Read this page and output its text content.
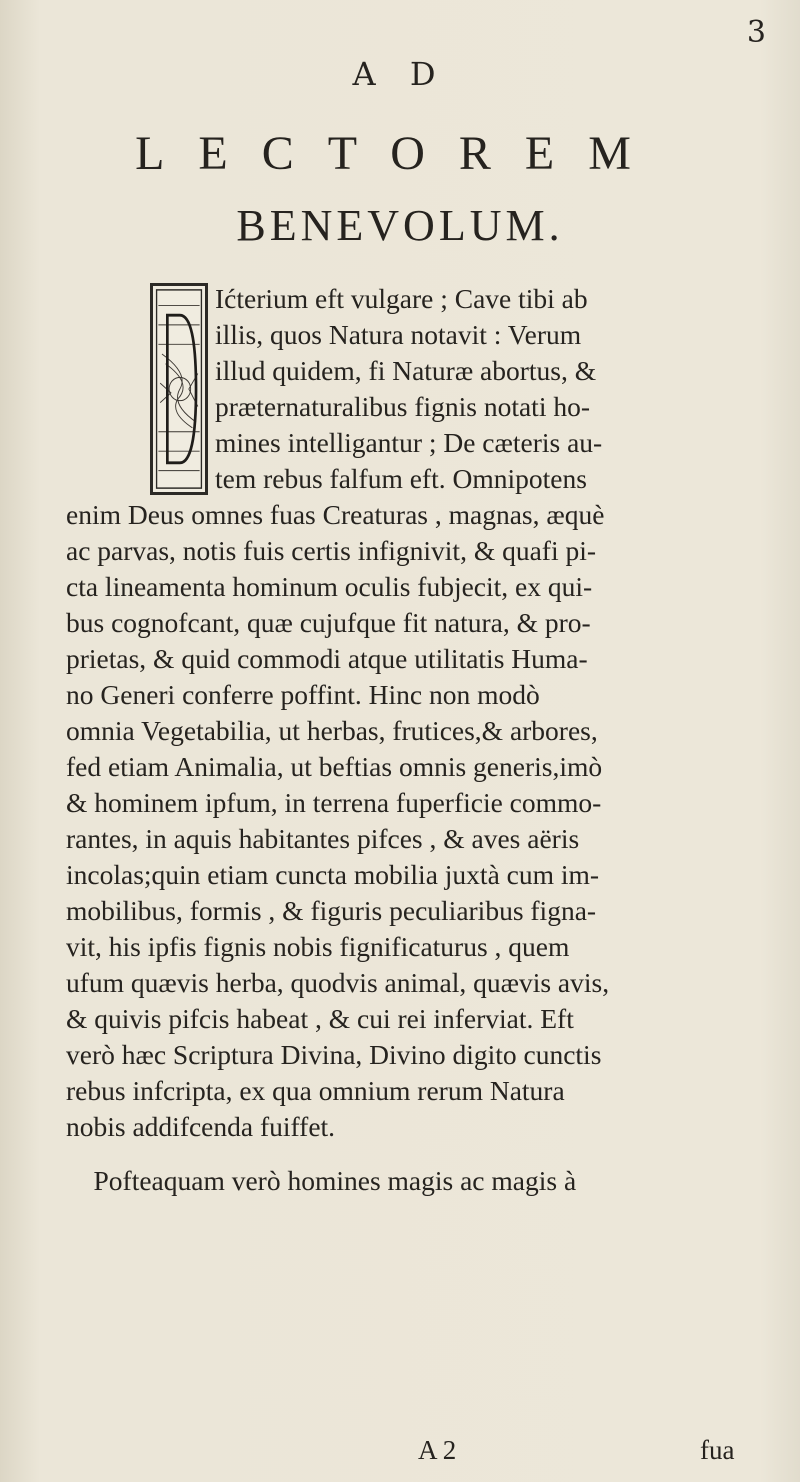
3
A D
LECTOREM
BENEVOLUM.
Ićterium eft vulgare ; Cave tibi ab
illis, quos Natura notavit : Verum
illud quidem, fi Naturæ abortus, &
præternaturalibus fignis notati ho-
mines intelligantur ; De cæteris au-
tem rebus falfum eft. Omnipotens
enim Deus omnes fuas Creaturas , magnas, æquè
ac parvas, notis fuis certis infignivit, & quafi pi-
cta lineamenta hominum oculis fubjecit, ex qui-
bus cognofcant, quæ cujufque fit natura, & pro-
prietas, & quid commodi atque utilitatis Huma-
no Generi conferre poffint. Hinc non modò
omnia Vegetabilia, ut herbas, frutices,& arbores,
fed etiam Animalia, ut beftias omnis generis,imò
& hominem ipfum, in terrena fuperficie commo-
rantes, in aquis habitantes pifces , & aves aëris
incolas;quin etiam cuncta mobilia juxtà cum im-
mobilibus, formis , & figuris peculiaribus figna-
vit, his ipfis fignis nobis fignificaturus , quem
ufum quævis herba, quodvis animal, quævis avis,
& quivis pifcis habeat , & cui rei inferviat. Eft
verò hæc Scriptura Divina, Divino digito cunctis
rebus infcripta, ex qua omnium rerum Natura
nobis addifcenda fuiffet.
Pofteaquam verò homines magis ac magis à
A 2	fua
